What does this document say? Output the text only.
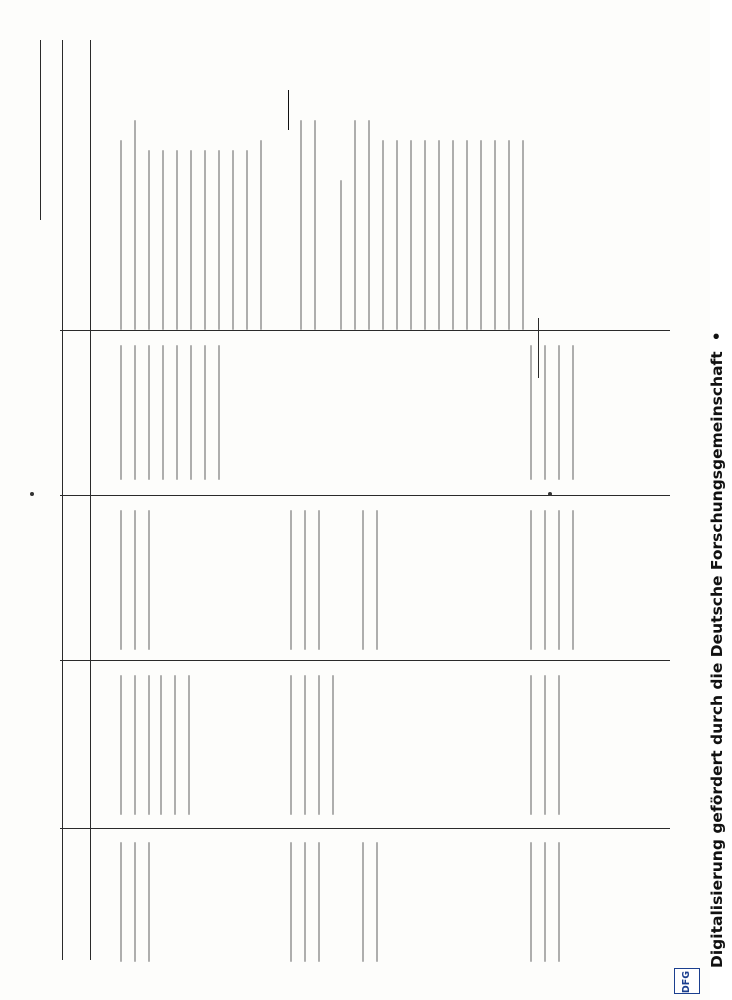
Digitalisierung gefördert durch die Deutsche Forschungsgemeinschaft•
DFG
